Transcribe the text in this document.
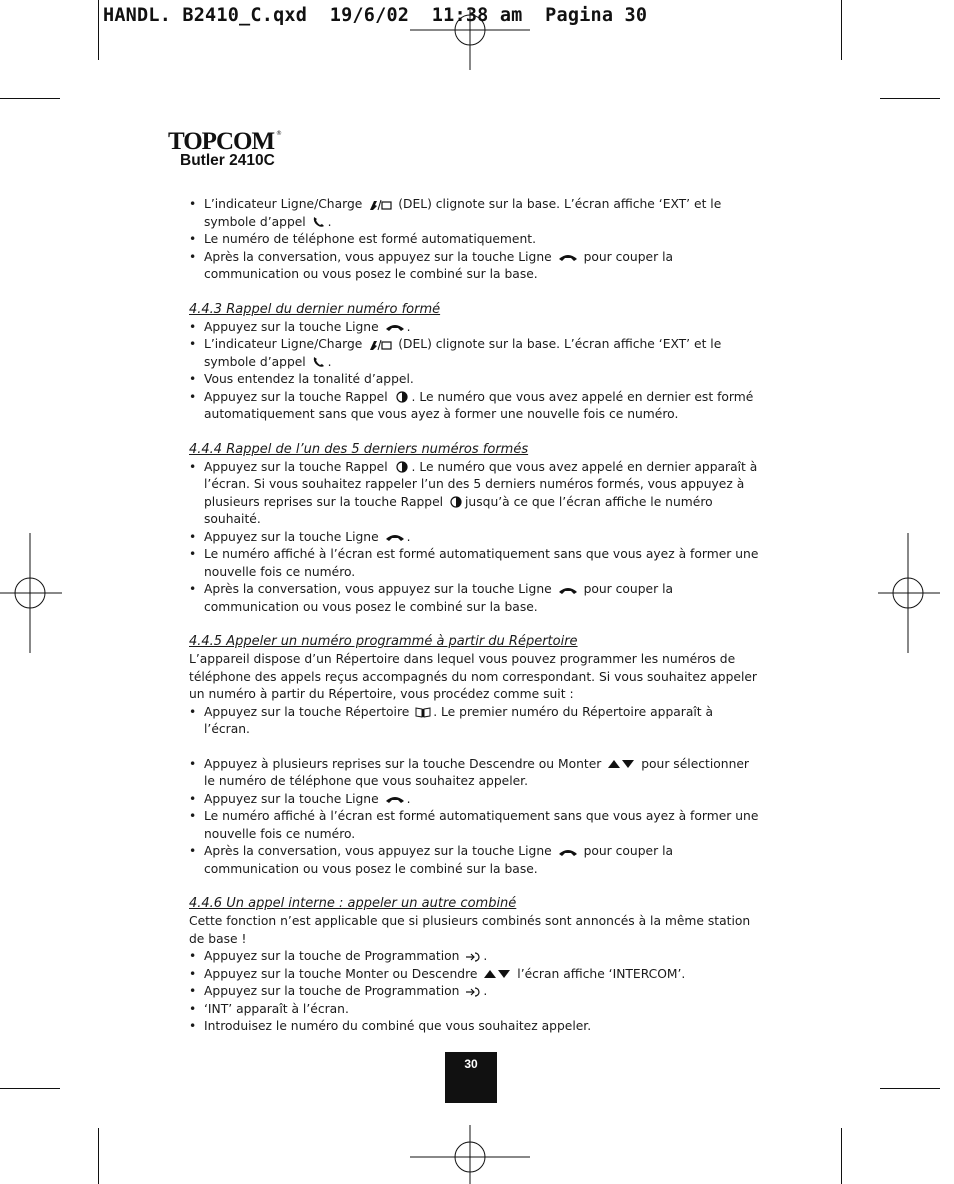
HANDL. B2410_C.qxd  19/6/02  11:38 am  Pagina 30
TOPCOM ®
Butler 2410C
• L’indicateur Ligne/Charge	(DEL) clignote sur la base. L’écran affiche ‘EXT’ et le symbole d’appel .
• Le numéro de téléphone est formé automatiquement.
• Après la conversation, vous appuyez sur la touche Ligne	pour couper la communication ou vous posez le combiné sur la base.

4.4.3 Rappel du dernier numéro formé

• Appuyez sur la touche Ligne .
• L’indicateur Ligne/Charge	(DEL) clignote sur la base. L’écran affiche ‘EXT’ et le symbole d’appel .
• Vous entendez la tonalité d’appel.
• Appuyez sur la touche Rappel . Le numéro que vous avez appelé en dernier est formé automatiquement sans que vous ayez à former une nouvelle fois ce numéro.

4.4.4 Rappel de l’un des 5 derniers numéros formés

• Appuyez sur la touche Rappel . Le numéro que vous avez appelé en dernier apparaît à l’écran. Si vous souhaitez rappeler l’un des 5 derniers numéros formés, vous appuyez à plusieurs reprises sur la touche Rappel jusqu’à ce que l’écran affiche le numéro souhaité.
• Appuyez sur la touche Ligne .
• Le numéro affiché à l’écran est formé automatiquement sans que vous ayez à former une nouvelle fois ce numéro.
• Après la conversation, vous appuyez sur la touche Ligne	pour couper la communication ou vous posez le combiné sur la base.

4.4.5 Appeler un numéro programmé à partir du Répertoire

L’appareil dispose d’un Répertoire dans lequel vous pouvez programmer les numéros de téléphone des appels reçus accompagnés du nom correspondant. Si vous souhaitez appeler un numéro à partir du Répertoire, vous procédez comme suit :

• Appuyez sur la touche Répertoire . Le premier numéro du Répertoire apparaît à l’écran.
• Appuyez à plusieurs reprises sur la touche Descendre ou Monter	pour sélectionner le numéro de téléphone que vous souhaitez appeler.
• Appuyez sur la touche Ligne .
• Le numéro affiché à l’écran est formé automatiquement sans que vous ayez à former une nouvelle fois ce numéro.
• Après la conversation, vous appuyez sur la touche Ligne	pour couper la communication ou vous posez le combiné sur la base.

4.4.6 Un appel interne : appeler un autre combiné

Cette fonction n’est applicable que si plusieurs combinés sont annoncés à la même station de base !

• Appuyez sur la touche de Programmation .
• Appuyez sur la touche Monter ou Descendre	l’écran affiche ‘INTERCOM’.
• Appuyez sur la touche de Programmation .
• ‘INT’ apparaît à l’écran.
• Introduisez le numéro du combiné que vous souhaitez appeler.
30
